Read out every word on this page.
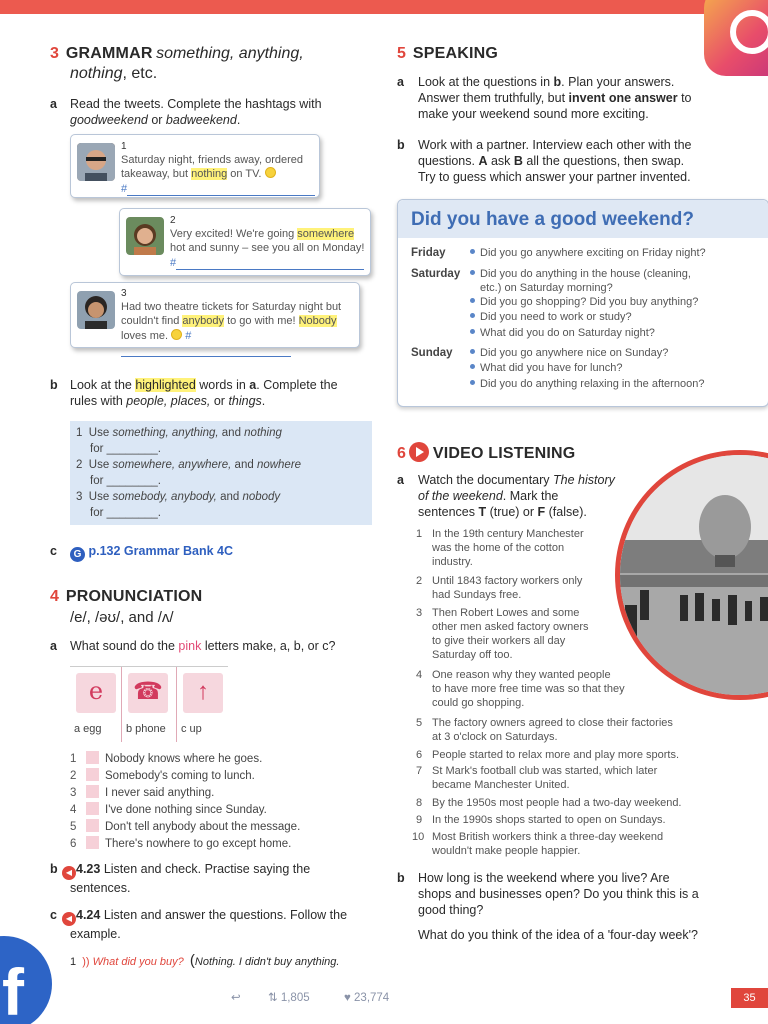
3 GRAMMAR something, anything,
nothing, etc.
a Read the tweets. Complete the hashtags with
goodweekend or badweekend.
1
Saturday night, friends away, ordered
takeaway, but nothing on TV.
#
2
Very excited! We're going somewhere
hot and sunny – see you all on Monday!
#
3
Had two theatre tickets for Saturday night but
couldn't find anybody to go with me! Nobody
loves me. #
b Look at the highlighted words in a. Complete the
rules with people, places, or things.
1 Use something, anything, and nothing
for ________.
2 Use somewhere, anywhere, and nowhere
for ________.
3 Use somebody, anybody, and nobody
for ________.
c	G p.132 Grammar Bank 4C
4 PRONUNCIATION
/e/, /əʊ/, and /ʌ/
a What sound do the pink letters make, a, b, or c?
e
a egg
☎
b phone
↑
c up
1 Nobody knows where he goes.
2 Somebody's coming to lunch.
3 I never said anything.
4 I've done nothing since Sunday.
5 Don't tell anybody about the message.
6 There's nowhere to go except home.
b	◀ 4.23 Listen and check. Practise saying the
sentences.
c	◀ 4.24 Listen and answer the questions. Follow the
example.
1 )) What did you buy? (Nothing. I didn't buy anything.
f
5 SPEAKING
a Look at the questions in b. Plan your answers.
Answer them truthfully, but invent one answer to
make your weekend sound more exciting.
b Work with a partner. Interview each other with the
questions. A ask B all the questions, then swap.
Try to guess which answer your partner invented.
Did you have a good weekend?
Friday	Did you go anywhere exciting on Friday night?
Saturday	Did you do anything in the house (cleaning,
etc.) on Saturday morning?
Did you go shopping? Did you buy anything?
Did you need to work or study?
What did you do on Saturday night?
Sunday	Did you go anywhere nice on Sunday?
What did you have for lunch?
Did you do anything relaxing in the afternoon?
6 VIDEO LISTENING
a Watch the documentary The history
of the weekend. Mark the
sentences T (true) or F (false).
1 In the 19th century Manchester
was the home of the cotton
industry.
2 Until 1843 factory workers only
had Sundays free.
3 Then Robert Lowes and some
other men asked factory owners
to give their workers all day
Saturday off too.
4 One reason why they wanted people
to have more free time was so that they
could go shopping.
5 The factory owners agreed to close their factories
at 3 o'clock on Saturdays.
6 People started to relax more and play more sports.
7 St Mark's football club was started, which later
became Manchester United.
8 By the 1950s most people had a two-day weekend.
9 In the 1990s shops started to open on Sundays.
10 Most British workers think a three-day weekend
wouldn't make people happier.
b How long is the weekend where you live? Are
shops and businesses open? Do you think this is a
good thing?
What do you think of the idea of a 'four-day week'?
↩ ⇅ 1,805	♥ 23,774	35
